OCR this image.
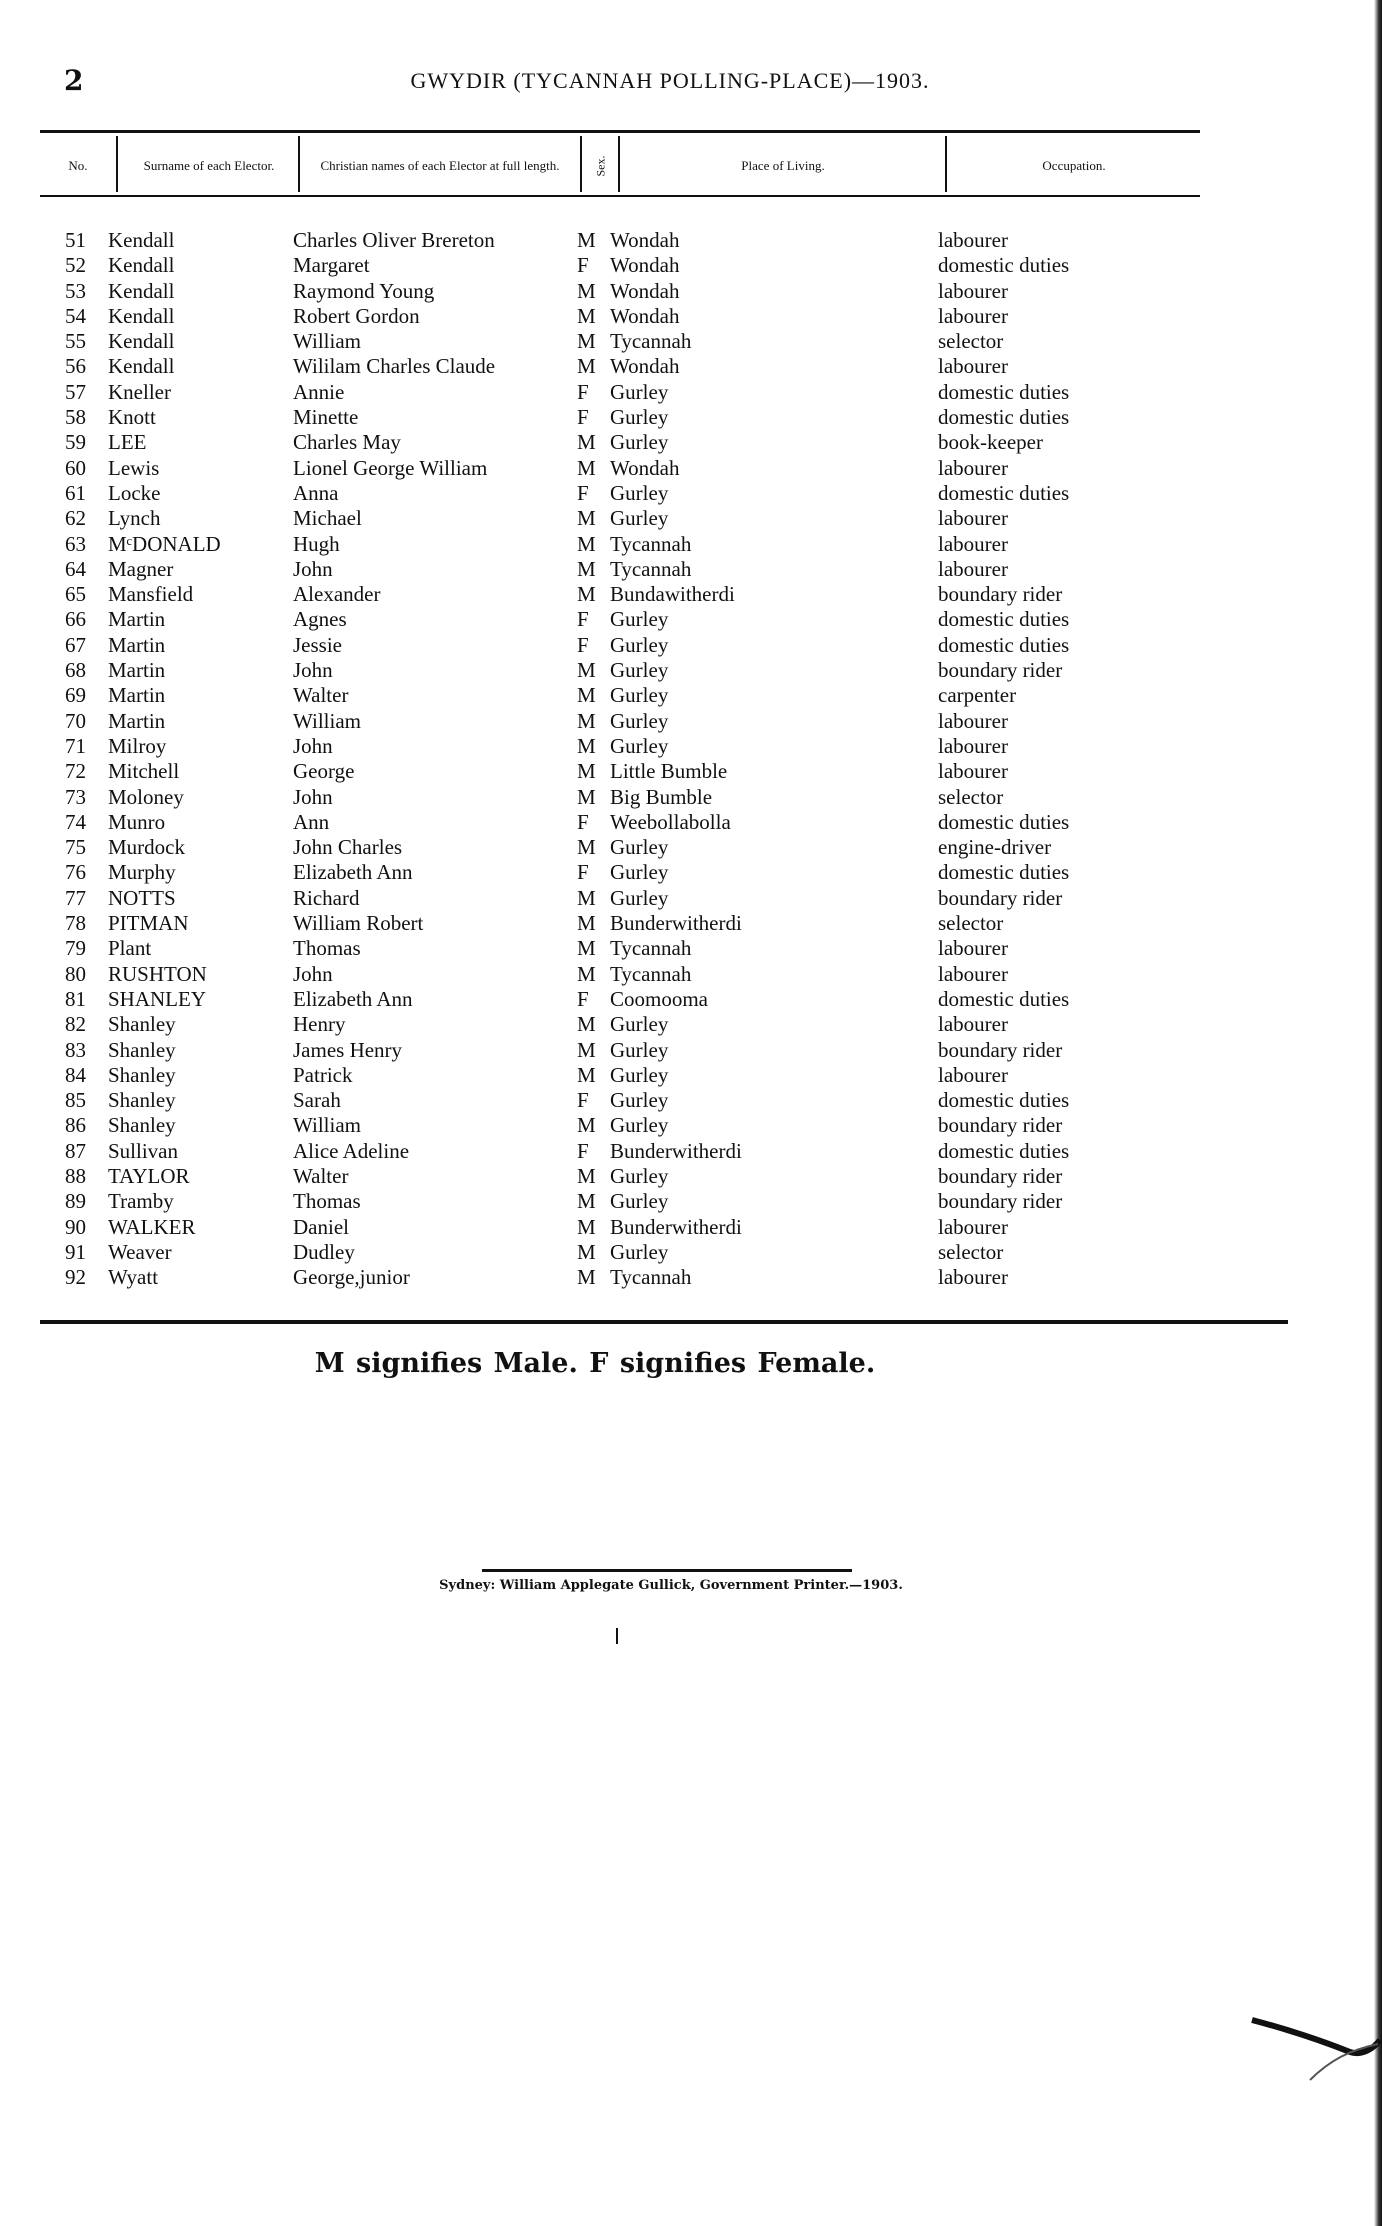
2	GWYDIR (TYCANNAH POLLING-PLACE)—1903.
No.	Surname of each Elector.	Christian names of each Elector at full length.	Sex.	Place of Living.	Occupation.
51 Kendall	Charles Oliver Brereton	M Wondah	labourer
52 Kendall	Margaret	F Wondah	domestic duties
53 Kendall	Raymond Young	M Wondah	labourer
54 Kendall	Robert Gordon	M Wondah	labourer
55 Kendall	William	M Tycannah	selector
56 Kendall	Wililam Charles Claude	M Wondah	labourer
57 Kneller	Annie	F Gurley	domestic duties
58 Knott	Minette	F Gurley	domestic duties
59 LEE	Charles May	M Gurley	book-keeper
60 Lewis	Lionel George William	M Wondah	labourer
61 Locke	Anna	F Gurley	domestic duties
62 Lynch	Michael	M Gurley	labourer
63 MᶜDONALD	Hugh	M Tycannah	labourer
64 Magner	John	M Tycannah	labourer
65 Mansfield	Alexander	M Bundawitherdi	boundary rider
66 Martin	Agnes	F Gurley	domestic duties
67 Martin	Jessie	F Gurley	domestic duties
68 Martin	John	M Gurley	boundary rider
69 Martin	Walter	M Gurley	carpenter
70 Martin	William	M Gurley	labourer
71 Milroy	John	M Gurley	labourer
72 Mitchell	George	M Little Bumble	labourer
73 Moloney	John	M Big Bumble	selector
74 Munro	Ann	F Weebollabolla	domestic duties
75 Murdock	John Charles	M Gurley	engine-driver
76 Murphy	Elizabeth Ann	F Gurley	domestic duties
77 NOTTS	Richard	M Gurley	boundary rider
78 PITMAN	William Robert	M Bunderwitherdi	selector
79 Plant	Thomas	M Tycannah	labourer
80 RUSHTON	John	M Tycannah	labourer
81 SHANLEY	Elizabeth Ann	F Coomooma	domestic duties
82 Shanley	Henry	M Gurley	labourer
83 Shanley	James Henry	M Gurley	boundary rider
84 Shanley	Patrick	M Gurley	labourer
85 Shanley	Sarah	F Gurley	domestic duties
86 Shanley	William	M Gurley	boundary rider
87 Sullivan	Alice Adeline	F Bunderwitherdi	domestic duties
88 TAYLOR	Walter	M Gurley	boundary rider
89 Tramby	Thomas	M Gurley	boundary rider
90 WALKER	Daniel	M Bunderwitherdi	labourer
91 Weaver	Dudley	M Gurley	selector
92 Wyatt	George,junior	M Tycannah	labourer
M signifies Male. F signifies Female.
Sydney: William Applegate Gullick, Government Printer.—1903.
